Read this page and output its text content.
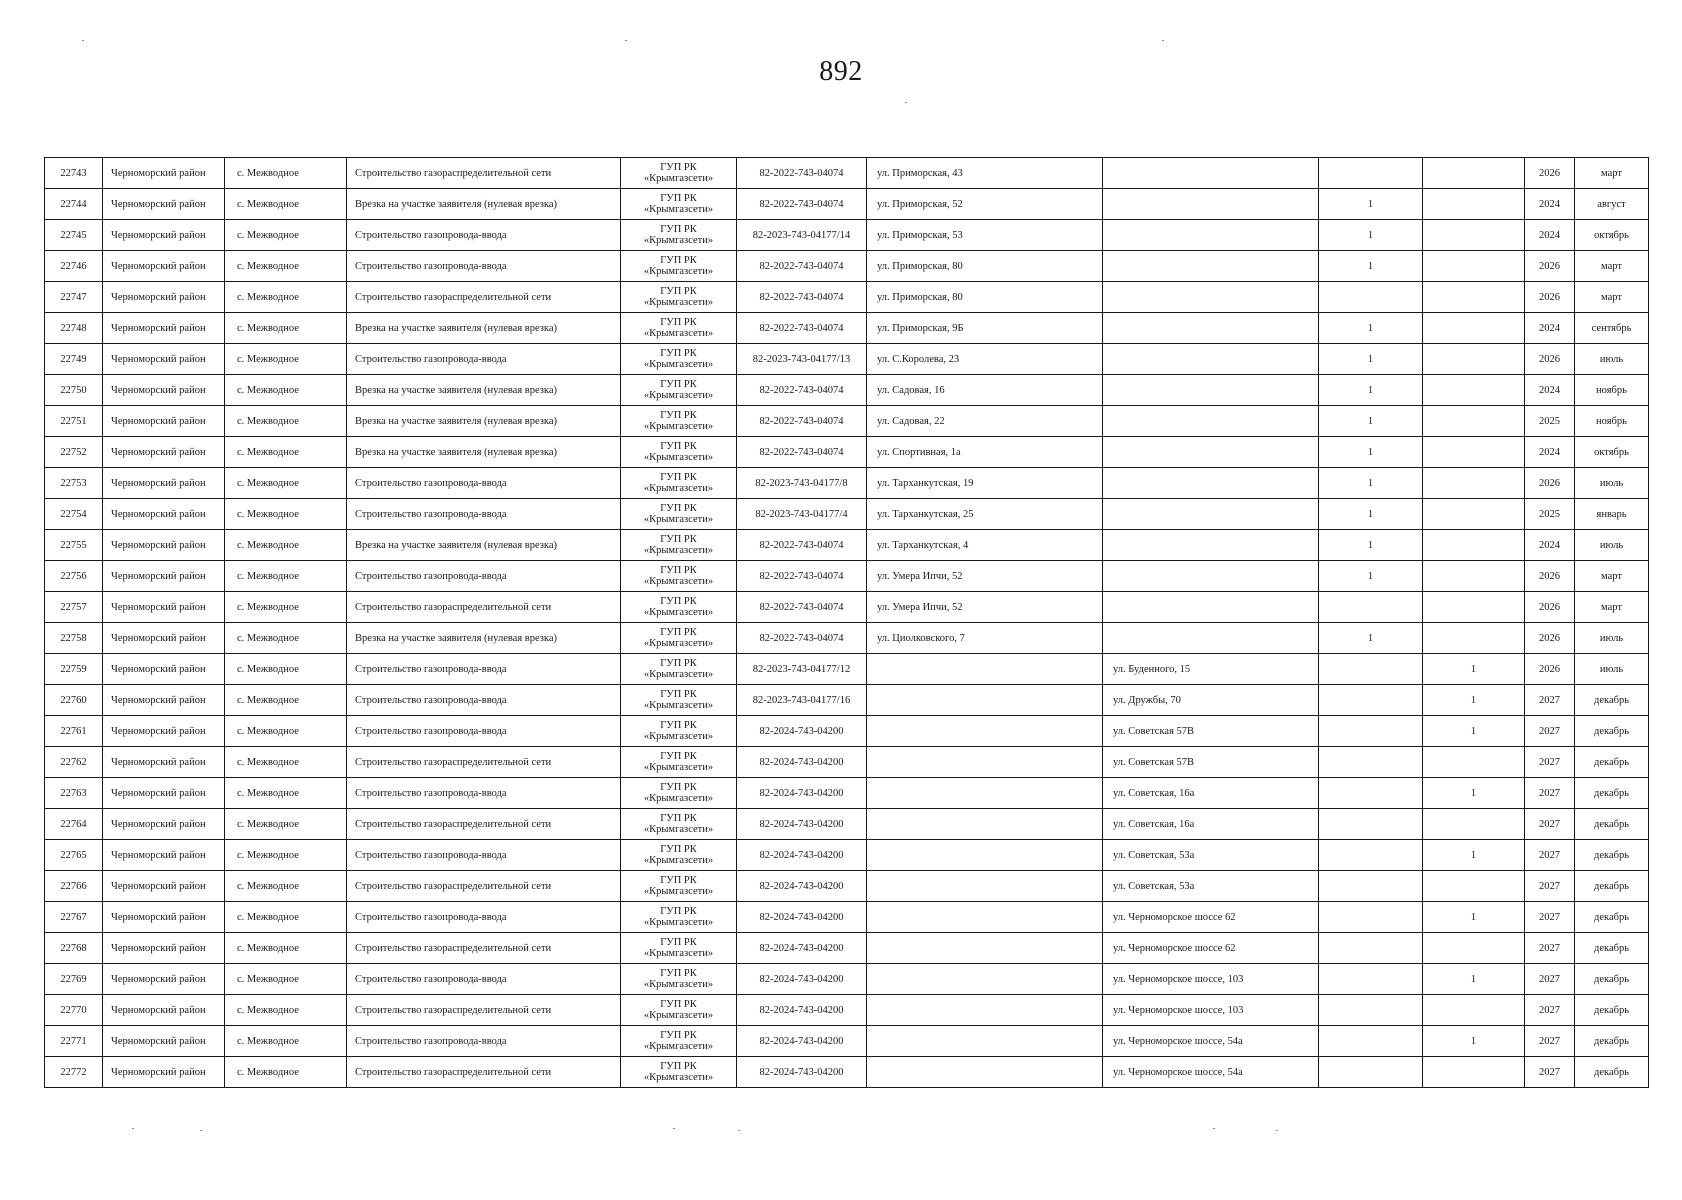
892
22743	Черноморский район	с. Межводное	Строительство газораспределительной сети	ГУП РК
«Крымгазсети»	82-2022-743-04074	ул. Приморская, 43				2026	март
22744	Черноморский район	с. Межводное	Врезка на участке заявителя (нулевая врезка)	ГУП РК
«Крымгазсети»	82-2022-743-04074	ул. Приморская, 52		1		2024	август
22745	Черноморский район	с. Межводное	Строительство газопровода-ввода	ГУП РК
«Крымгазсети»	82-2023-743-04177/14	ул. Приморская, 53		1		2024	октябрь
22746	Черноморский район	с. Межводное	Строительство газопровода-ввода	ГУП РК
«Крымгазсети»	82-2022-743-04074	ул. Приморская, 80		1		2026	март
22747	Черноморский район	с. Межводное	Строительство газораспределительной сети	ГУП РК
«Крымгазсети»	82-2022-743-04074	ул. Приморская, 80				2026	март
22748	Черноморский район	с. Межводное	Врезка на участке заявителя (нулевая врезка)	ГУП РК
«Крымгазсети»	82-2022-743-04074	ул. Приморская, 9Б		1		2024	сентябрь
22749	Черноморский район	с. Межводное	Строительство газопровода-ввода	ГУП РК
«Крымгазсети»	82-2023-743-04177/13	ул. С.Королева, 23		1		2026	июль
22750	Черноморский район	с. Межводное	Врезка на участке заявителя (нулевая врезка)	ГУП РК
«Крымгазсети»	82-2022-743-04074	ул. Садовая, 16		1		2024	ноябрь
22751	Черноморский район	с. Межводное	Врезка на участке заявителя (нулевая врезка)	ГУП РК
«Крымгазсети»	82-2022-743-04074	ул. Садовая, 22		1		2025	ноябрь
22752	Черноморский район	с. Межводное	Врезка на участке заявителя (нулевая врезка)	ГУП РК
«Крымгазсети»	82-2022-743-04074	ул. Спортивная, 1а		1		2024	октябрь
22753	Черноморский район	с. Межводное	Строительство газопровода-ввода	ГУП РК
«Крымгазсети»	82-2023-743-04177/8	ул. Тарханкутская, 19		1		2026	июль
22754	Черноморский район	с. Межводное	Строительство газопровода-ввода	ГУП РК
«Крымгазсети»	82-2023-743-04177/4	ул. Тарханкутская, 25		1		2025	январь
22755	Черноморский район	с. Межводное	Врезка на участке заявителя (нулевая врезка)	ГУП РК
«Крымгазсети»	82-2022-743-04074	ул. Тарханкутская, 4		1		2024	июль
22756	Черноморский район	с. Межводное	Строительство газопровода-ввода	ГУП РК
«Крымгазсети»	82-2022-743-04074	ул. Умера Ипчи, 52		1		2026	март
22757	Черноморский район	с. Межводное	Строительство газораспределительной сети	ГУП РК
«Крымгазсети»	82-2022-743-04074	ул. Умера Ипчи, 52				2026	март
22758	Черноморский район	с. Межводное	Врезка на участке заявителя (нулевая врезка)	ГУП РК
«Крымгазсети»	82-2022-743-04074	ул. Циолковского, 7		1		2026	июль
22759	Черноморский район	с. Межводное	Строительство газопровода-ввода	ГУП РК
«Крымгазсети»	82-2023-743-04177/12		ул. Буденного, 15		1	2026	июль
22760	Черноморский район	с. Межводное	Строительство газопровода-ввода	ГУП РК
«Крымгазсети»	82-2023-743-04177/16		ул. Дружбы, 70		1	2027	декабрь
22761	Черноморский район	с. Межводное	Строительство газопровода-ввода	ГУП РК
«Крымгазсети»	82-2024-743-04200		ул. Советская 57В		1	2027	декабрь
22762	Черноморский район	с. Межводное	Строительство газораспределительной сети	ГУП РК
«Крымгазсети»	82-2024-743-04200		ул. Советская 57В			2027	декабрь
22763	Черноморский район	с. Межводное	Строительство газопровода-ввода	ГУП РК
«Крымгазсети»	82-2024-743-04200		ул. Советская, 16а		1	2027	декабрь
22764	Черноморский район	с. Межводное	Строительство газораспределительной сети	ГУП РК
«Крымгазсети»	82-2024-743-04200		ул. Советская, 16а			2027	декабрь
22765	Черноморский район	с. Межводное	Строительство газопровода-ввода	ГУП РК
«Крымгазсети»	82-2024-743-04200		ул. Советская, 53а		1	2027	декабрь
22766	Черноморский район	с. Межводное	Строительство газораспределительной сети	ГУП РК
«Крымгазсети»	82-2024-743-04200		ул. Советская, 53а			2027	декабрь
22767	Черноморский район	с. Межводное	Строительство газопровода-ввода	ГУП РК
«Крымгазсети»	82-2024-743-04200		ул. Черноморское шоссе 62		1	2027	декабрь
22768	Черноморский район	с. Межводное	Строительство газораспределительной сети	ГУП РК
«Крымгазсети»	82-2024-743-04200		ул. Черноморское шоссе 62			2027	декабрь
22769	Черноморский район	с. Межводное	Строительство газопровода-ввода	ГУП РК
«Крымгазсети»	82-2024-743-04200		ул. Черноморское шоссе, 103		1	2027	декабрь
22770	Черноморский район	с. Межводное	Строительство газораспределительной сети	ГУП РК
«Крымгазсети»	82-2024-743-04200		ул. Черноморское шоссе, 103			2027	декабрь
22771	Черноморский район	с. Межводное	Строительство газопровода-ввода	ГУП РК
«Крымгазсети»	82-2024-743-04200		ул. Черноморское шоссе, 54а		1	2027	декабрь
22772	Черноморский район	с. Межводное	Строительство газораспределительной сети	ГУП РК
«Крымгазсети»	82-2024-743-04200		ул. Черноморское шоссе, 54а			2027	декабрь
